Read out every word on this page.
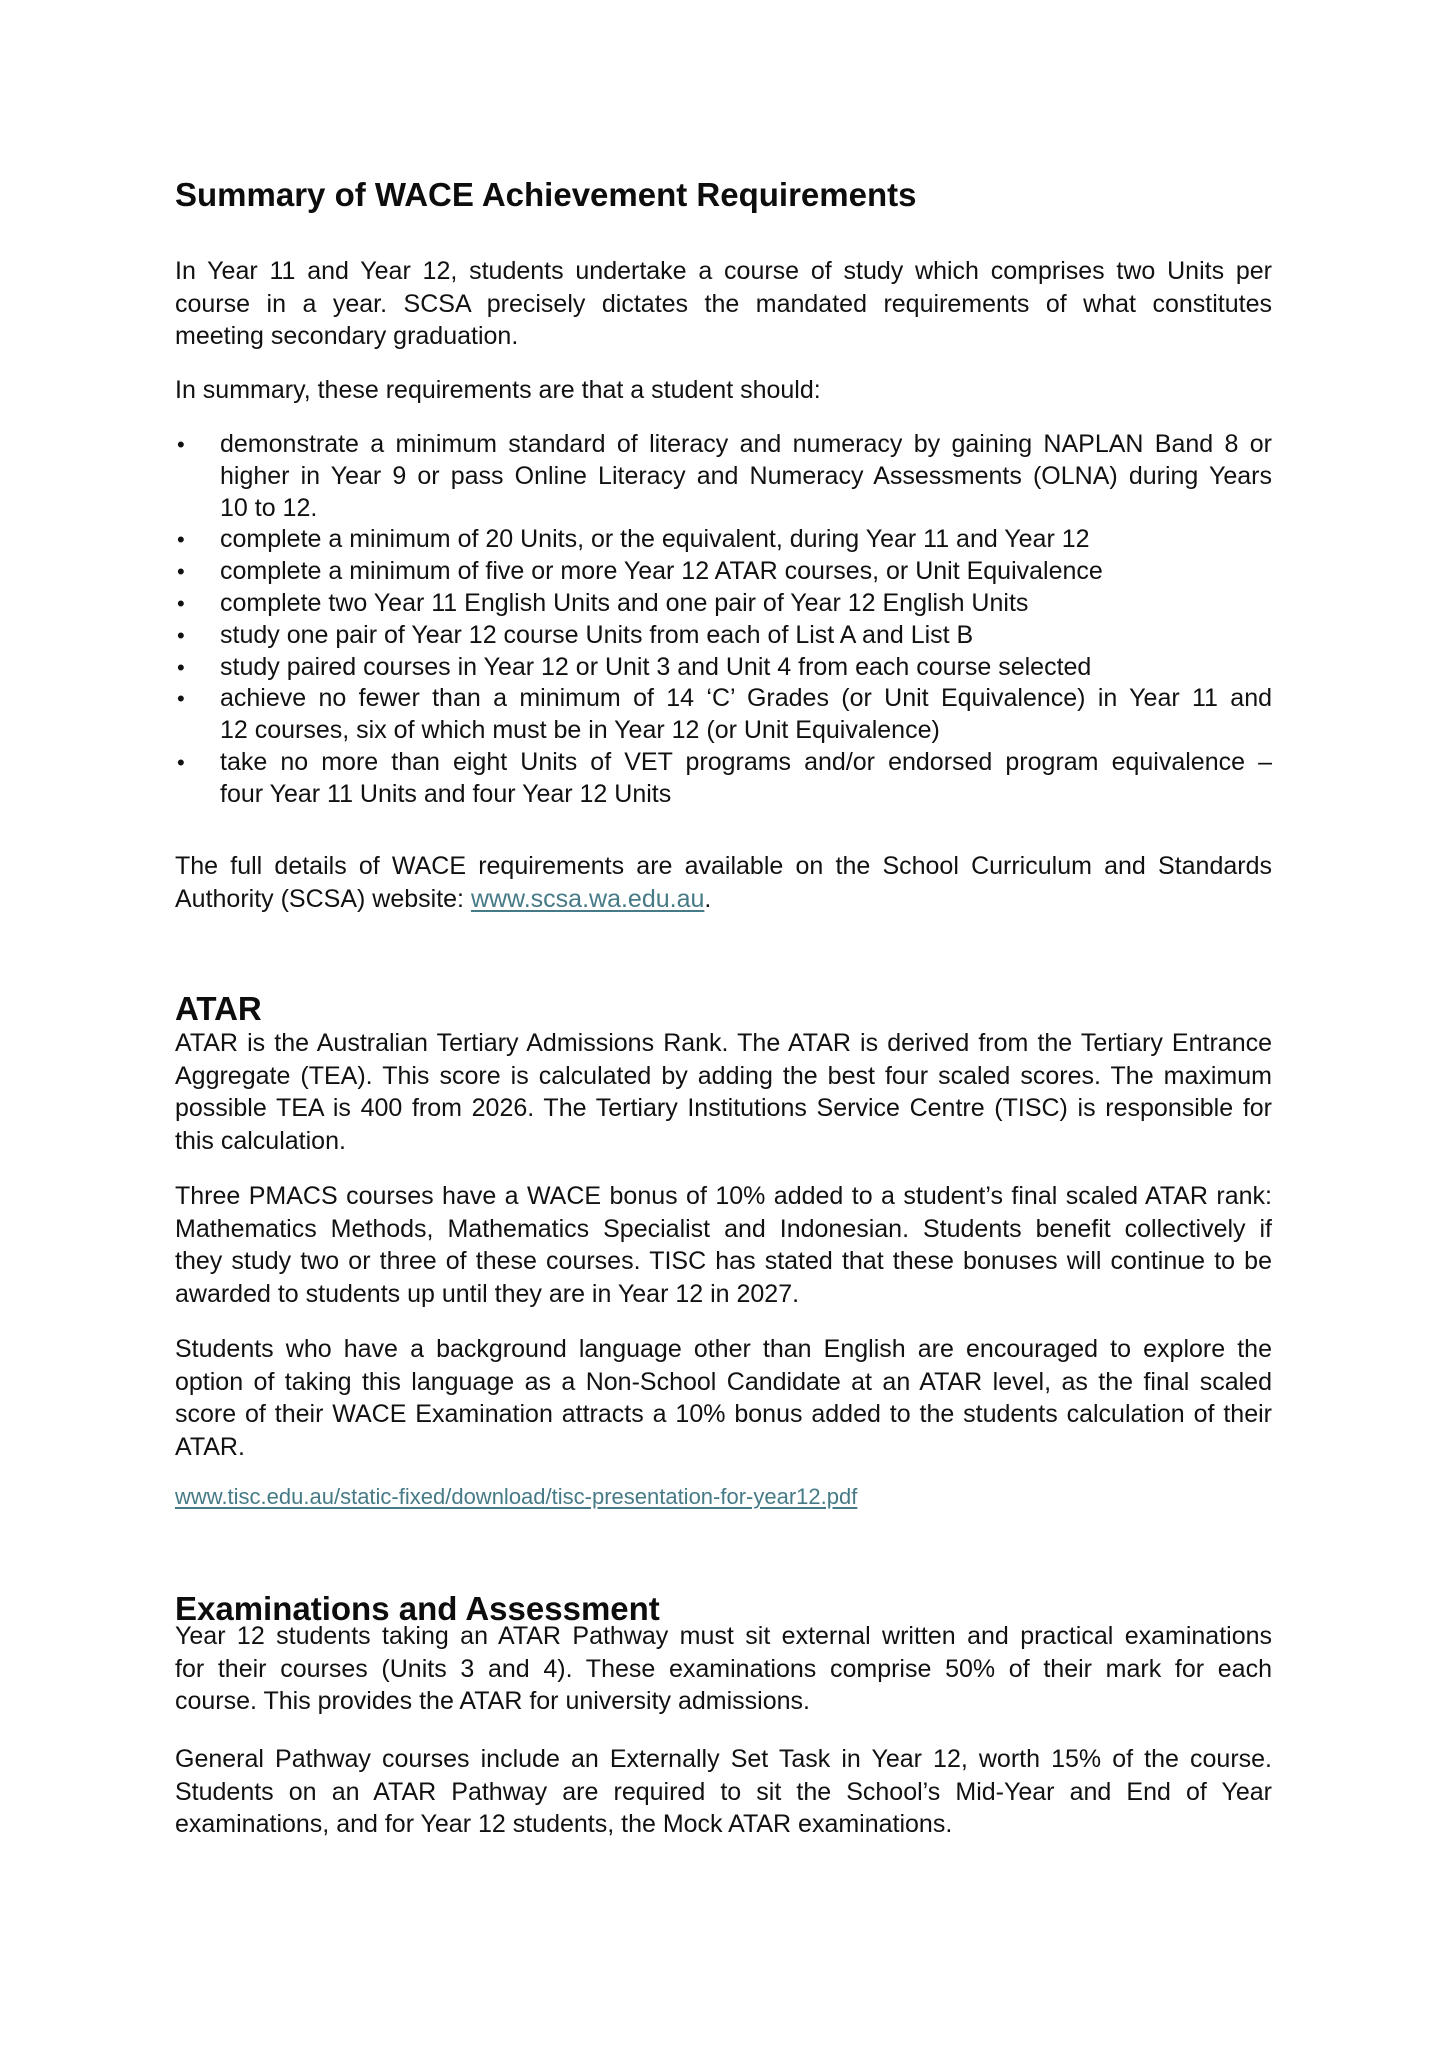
Summary of WACE Achievement Requirements
In Year 11 and Year 12, students undertake a course of study which comprises two Units per
course in a year. SCSA precisely dictates the mandated requirements of what constitutes
meeting secondary graduation.
In summary, these requirements are that a student should:
• demonstrate a minimum standard of literacy and numeracy by gaining NAPLAN Band 8 or
higher in Year 9 or pass Online Literacy and Numeracy Assessments (OLNA) during Years
10 to 12.
• complete a minimum of 20 Units, or the equivalent, during Year 11 and Year 12
• complete a minimum of five or more Year 12 ATAR courses, or Unit Equivalence
• complete two Year 11 English Units and one pair of Year 12 English Units
• study one pair of Year 12 course Units from each of List A and List B
• study paired courses in Year 12 or Unit 3 and Unit 4 from each course selected
• achieve no fewer than a minimum of 14 ‘C’ Grades (or Unit Equivalence) in Year 11 and
12 courses, six of which must be in Year 12 (or Unit Equivalence)
• take no more than eight Units of VET programs and/or endorsed program equivalence –
four Year 11 Units and four Year 12 Units
The full details of WACE requirements are available on the School Curriculum and Standards
Authority (SCSA) website: www.scsa.wa.edu.au.
ATAR
ATAR is the Australian Tertiary Admissions Rank. The ATAR is derived from the Tertiary Entrance
Aggregate (TEA). This score is calculated by adding the best four scaled scores. The maximum
possible TEA is 400 from 2026. The Tertiary Institutions Service Centre (TISC) is responsible for
this calculation.
Three PMACS courses have a WACE bonus of 10% added to a student’s final scaled ATAR rank:
Mathematics Methods, Mathematics Specialist and Indonesian. Students benefit collectively if
they study two or three of these courses. TISC has stated that these bonuses will continue to be
awarded to students up until they are in Year 12 in 2027.
Students who have a background language other than English are encouraged to explore the
option of taking this language as a Non-School Candidate at an ATAR level, as the final scaled
score of their WACE Examination attracts a 10% bonus added to the students calculation of their
ATAR.
www.tisc.edu.au/static-fixed/download/tisc-presentation-for-year12.pdf
Examinations and Assessment
Year 12 students taking an ATAR Pathway must sit external written and practical examinations
for their courses (Units 3 and 4). These examinations comprise 50% of their mark for each
course. This provides the ATAR for university admissions.
General Pathway courses include an Externally Set Task in Year 12, worth 15% of the course.
Students on an ATAR Pathway are required to sit the School’s Mid-Year and End of Year
examinations, and for Year 12 students, the Mock ATAR examinations.
